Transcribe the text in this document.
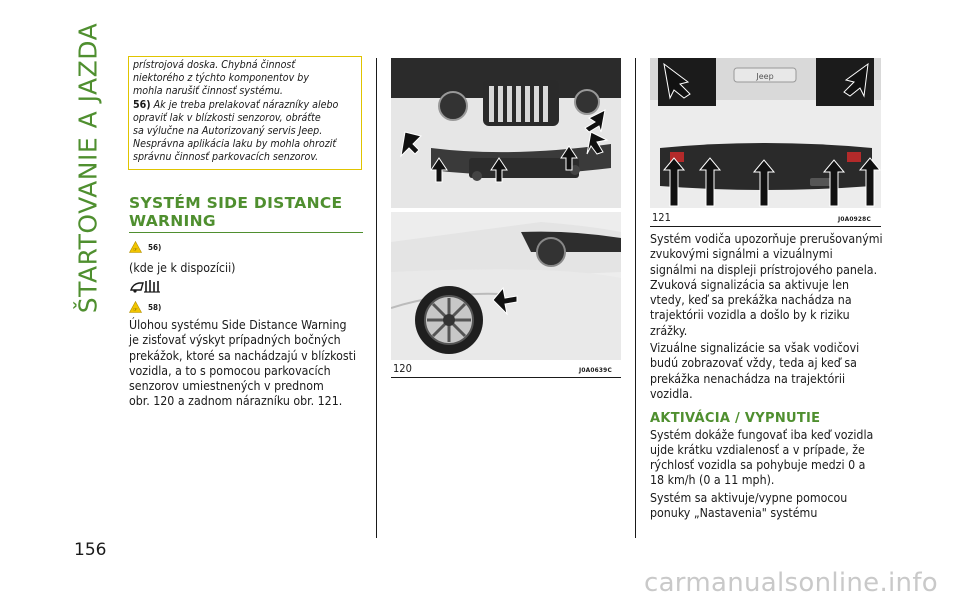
ŠTARTOVANIE A JAZDA
156
prístrojová doska. Chybná činnosť
niektorého z týchto komponentov by
mohla narušiť činnosť systému.
56) Ak je treba prelakovať nárazníky alebo
opraviť lak v blízkosti senzorov, obráťte
sa výlučne na Autorizovaný servis Jeep.
Nesprávna aplikácia laku by mohla ohroziť
správnu činnosť parkovacích senzorov.
SYSTÉM SIDE DISTANCE
WARNING
☞ 56)
(kde je k dispozícii)
☞ 58)
Úlohou systému Side Distance Warning
je zisťovať výskyt prípadných bočných
prekážok, ktoré sa nachádzajú v blízkosti
vozidla, a to s pomocou parkovacích
senzorov umiestnených v prednom
obr. 120 a zadnom nárazníku obr. 121.
120	J0A0639C
Jeep
121	J0A0928C
Systém vodiča upozorňuje prerušovanými
zvukovými signálmi a vizuálnymi
signálmi na displeji prístrojového panela.
Zvuková signalizácia sa aktivuje len
vtedy, keď sa prekážka nachádza na
trajektórii vozidla a došlo by k riziku
zrážky.
Vizuálne signalizácie sa však vodičovi
budú zobrazovať vždy, teda aj keď sa
prekážka nenachádza na trajektórii
vozidla.
AKTIVÁCIA / VYPNUTIE
Systém dokáže fungovať iba keď vozidla
ujde krátku vzdialenosť a v prípade, že
rýchlosť vozidla sa pohybuje medzi 0 a
18 km/h (0 a 11 mph).
Systém sa aktivuje/vypne pomocou
ponuky „Nastavenia" systému
carmanualsonline.info
